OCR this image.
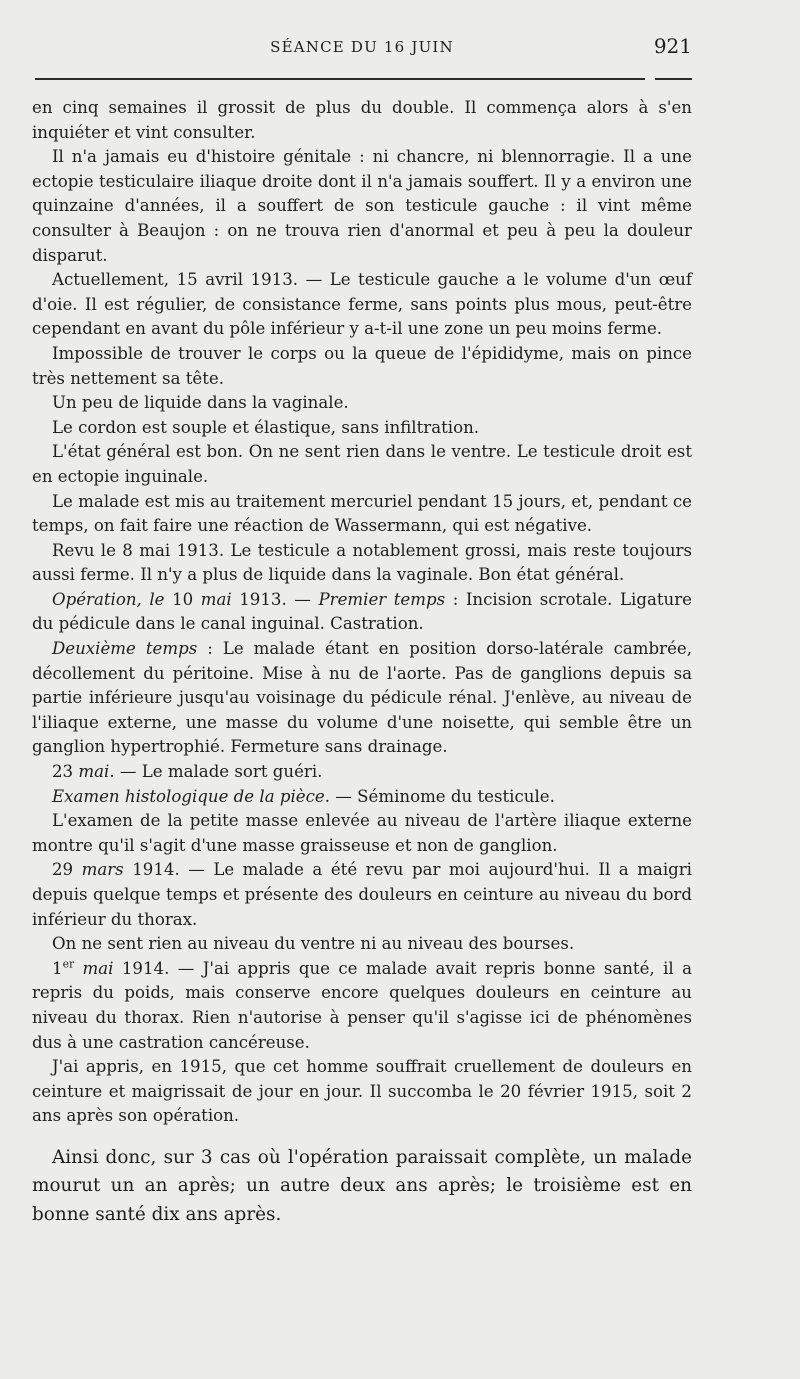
SÉANCE DU 16 JUIN	921

en cinq semaines il grossit de plus du double. Il commença alors à s'en inquiéter et vint consulter.

Il n'a jamais eu d'histoire génitale : ni chancre, ni blennorragie. Il a une ectopie testiculaire iliaque droite dont il n'a jamais souffert. Il y a environ une quinzaine d'années, il a souffert de son testicule gauche : il vint même consulter à Beaujon : on ne trouva rien d'anormal et peu à peu la douleur disparut.

Actuellement, 15 avril 1913. — Le testicule gauche a le volume d'un œuf d'oie. Il est régulier, de consistance ferme, sans points plus mous, peut-être cependant en avant du pôle inférieur y a-t-il une zone un peu moins ferme.

Impossible de trouver le corps ou la queue de l'épididyme, mais on pince très nettement sa tête.

Un peu de liquide dans la vaginale.

Le cordon est souple et élastique, sans infiltration.

L'état général est bon. On ne sent rien dans le ventre. Le testicule droit est en ectopie inguinale.

Le malade est mis au traitement mercuriel pendant 15 jours, et, pendant ce temps, on fait faire une réaction de Wassermann, qui est négative.

Revu le 8 mai 1913. Le testicule a notablement grossi, mais reste toujours aussi ferme. Il n'y a plus de liquide dans la vaginale. Bon état général.

Opération, le 10 mai 1913. — Premier temps : Incision scrotale. Ligature du pédicule dans le canal inguinal. Castration.

Deuxième temps : Le malade étant en position dorso-latérale cambrée, décollement du péritoine. Mise à nu de l'aorte. Pas de ganglions depuis sa partie inférieure jusqu'au voisinage du pédicule rénal. J'enlève, au niveau de l'iliaque externe, une masse du volume d'une noisette, qui semble être un ganglion hypertrophié. Fermeture sans drainage.

23 mai. — Le malade sort guéri.

Examen histologique de la pièce. — Séminome du testicule.

L'examen de la petite masse enlevée au niveau de l'artère iliaque externe montre qu'il s'agit d'une masse graisseuse et non de ganglion.

29 mars 1914. — Le malade a été revu par moi aujourd'hui. Il a maigri depuis quelque temps et présente des douleurs en ceinture au niveau du bord inférieur du thorax.

On ne sent rien au niveau du ventre ni au niveau des bourses.

1er mai 1914. — J'ai appris que ce malade avait repris bonne santé, il a repris du poids, mais conserve encore quelques douleurs en ceinture au niveau du thorax. Rien n'autorise à penser qu'il s'agisse ici de phénomènes dus à une castration cancéreuse.

J'ai appris, en 1915, que cet homme souffrait cruellement de douleurs en ceinture et maigrissait de jour en jour. Il succomba le 20 février 1915, soit 2 ans après son opération.

Ainsi donc, sur 3 cas où l'opération paraissait complète, un malade mourut un an après; un autre deux ans après; le troisième est en bonne santé dix ans après.
